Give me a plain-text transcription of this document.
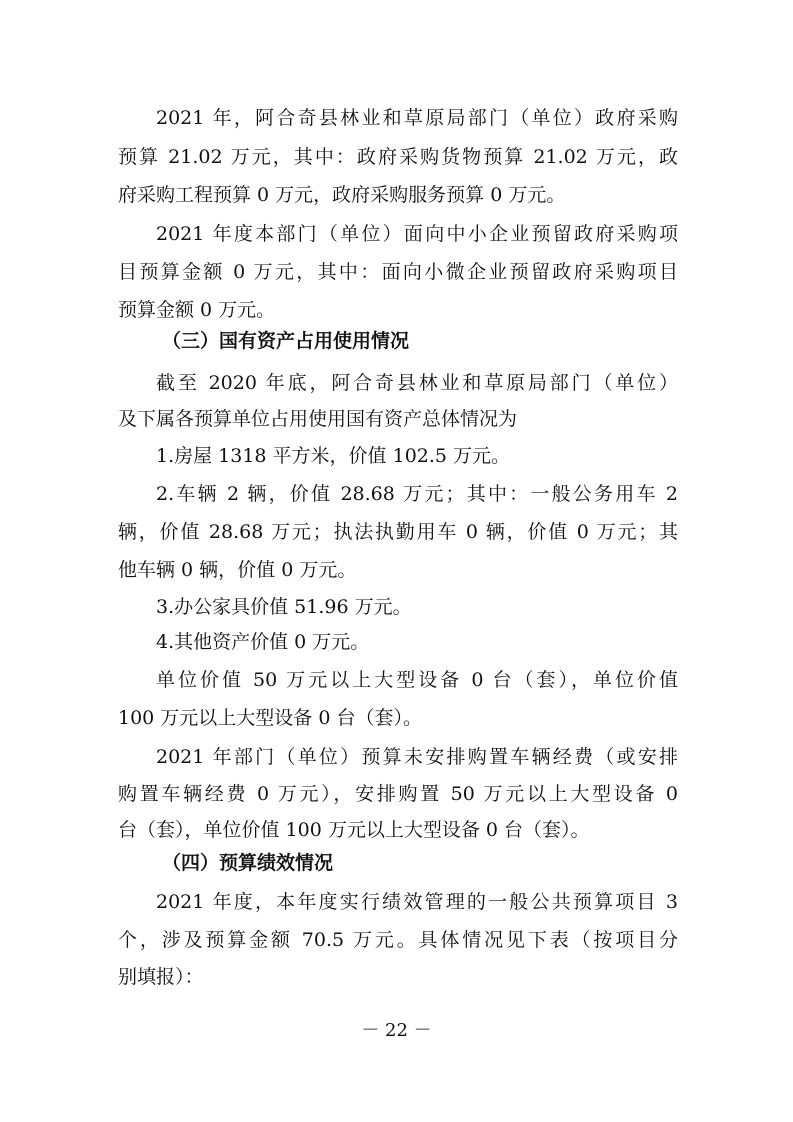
2021 年，阿合奇县林业和草原局部门（单位）政府采购
预算 21.02 万元，其中：政府采购货物预算 21.02 万元，政
府采购工程预算 0 万元，政府采购服务预算 0 万元。
2021 年度本部门（单位）面向中小企业预留政府采购项
目预算金额 0 万元，其中：面向小微企业预留政府采购项目
预算金额 0 万元。
（三）国有资产占用使用情况
截至 2020 年底，阿合奇县林业和草原局部门（单位）
及下属各预算单位占用使用国有资产总体情况为
1.房屋 1318 平方米，价值 102.5 万元。
2.车辆 2 辆，价值 28.68 万元；其中：一般公务用车 2
辆，价值 28.68 万元；执法执勤用车 0 辆，价值 0 万元；其
他车辆 0 辆，价值 0 万元。
3.办公家具价值 51.96 万元。
4.其他资产价值 0 万元。
单位价值 50 万元以上大型设备 0 台（套），单位价值
100 万元以上大型设备 0 台（套）。
2021 年部门（单位）预算未安排购置车辆经费（或安排
购置车辆经费 0 万元），安排购置 50 万元以上大型设备 0
台（套），单位价值 100 万元以上大型设备 0 台（套）。
（四）预算绩效情况
2021 年度，本年度实行绩效管理的一般公共预算项目 3
个，涉及预算金额 70.5 万元。具体情况见下表（按项目分
别填报）：
－ 22 －
